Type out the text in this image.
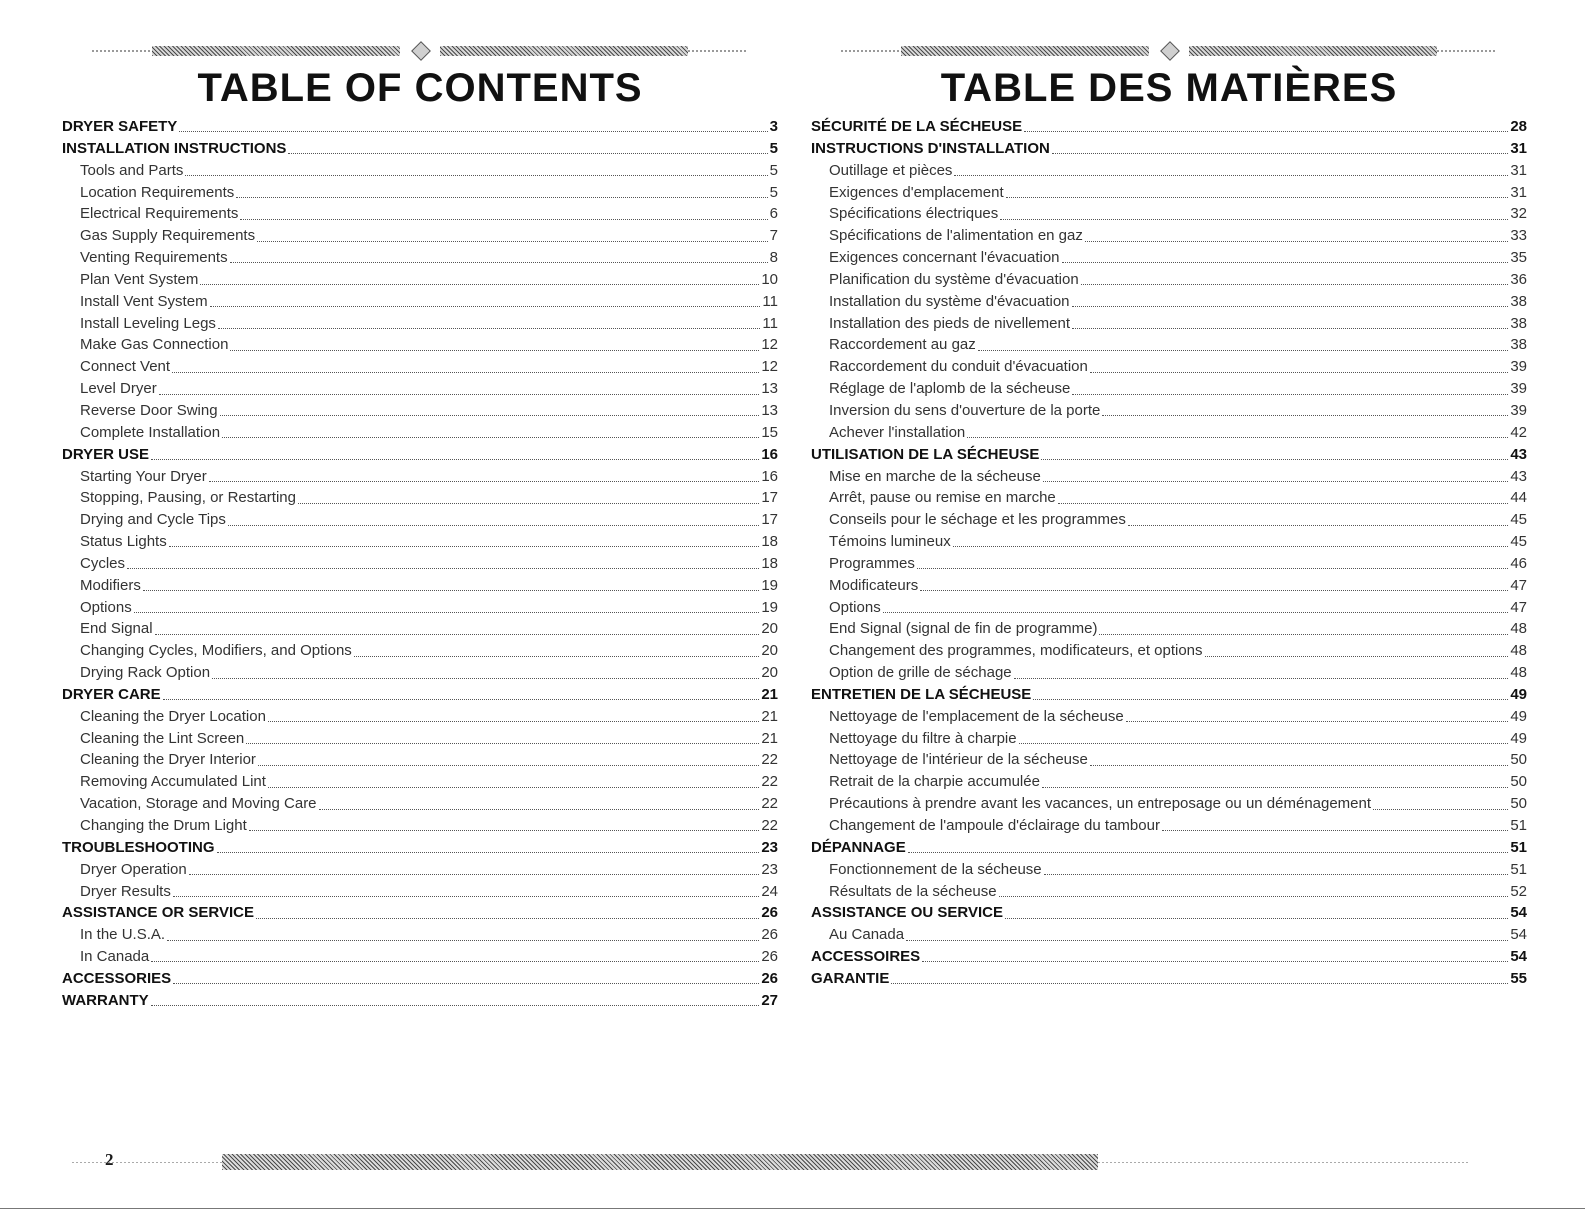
TABLE OF CONTENTS
DRYER SAFETY	3
INSTALLATION INSTRUCTIONS	5
Tools and Parts	5
Location Requirements	5
Electrical Requirements	6
Gas Supply Requirements	7
Venting Requirements	8
Plan Vent System	10
Install Vent System	11
Install Leveling Legs	11
Make Gas Connection	12
Connect Vent	12
Level Dryer	13
Reverse Door Swing	13
Complete Installation	15
DRYER USE	16
Starting Your Dryer	16
Stopping, Pausing, or Restarting	17
Drying and Cycle Tips	17
Status Lights	18
Cycles	18
Modifiers	19
Options	19
End Signal	20
Changing Cycles, Modifiers, and Options	20
Drying Rack Option	20
DRYER CARE	21
Cleaning the Dryer Location	21
Cleaning the Lint Screen	21
Cleaning the Dryer Interior	22
Removing Accumulated Lint	22
Vacation, Storage and Moving Care	22
Changing the Drum Light	22
TROUBLESHOOTING	23
Dryer Operation	23
Dryer Results	24
ASSISTANCE OR SERVICE	26
In the U.S.A.	26
In Canada	26
ACCESSORIES	26
WARRANTY	27
TABLE DES MATIÈRES
SÉCURITÉ DE LA SÉCHEUSE	28
INSTRUCTIONS D'INSTALLATION	31
Outillage et pièces	31
Exigences d'emplacement	31
Spécifications électriques	32
Spécifications de l'alimentation en gaz	33
Exigences concernant l'évacuation	35
Planification du système d'évacuation	36
Installation du système d'évacuation	38
Installation des pieds de nivellement	38
Raccordement au gaz	38
Raccordement du conduit d'évacuation	39
Réglage de l'aplomb de la sécheuse	39
Inversion du sens d'ouverture de la porte	39
Achever l'installation	42
UTILISATION DE LA SÉCHEUSE	43
Mise en marche de la sécheuse	43
Arrêt, pause ou remise en marche	44
Conseils pour le séchage et les programmes	45
Témoins lumineux	45
Programmes	46
Modificateurs	47
Options	47
End Signal (signal de fin de programme)	48
Changement des programmes, modificateurs, et options	48
Option de grille de séchage	48
ENTRETIEN DE LA SÉCHEUSE	49
Nettoyage de l'emplacement de la sécheuse	49
Nettoyage du filtre à charpie	49
Nettoyage de l'intérieur de la sécheuse	50
Retrait de la charpie accumulée	50
Précautions à prendre avant les vacances, un entreposage ou un déménagement	50
Changement de l'ampoule d'éclairage du tambour	51
DÉPANNAGE	51
Fonctionnement de la sécheuse	51
Résultats de la sécheuse	52
ASSISTANCE OU SERVICE	54
Au Canada	54
ACCESSOIRES	54
GARANTIE	55
2
